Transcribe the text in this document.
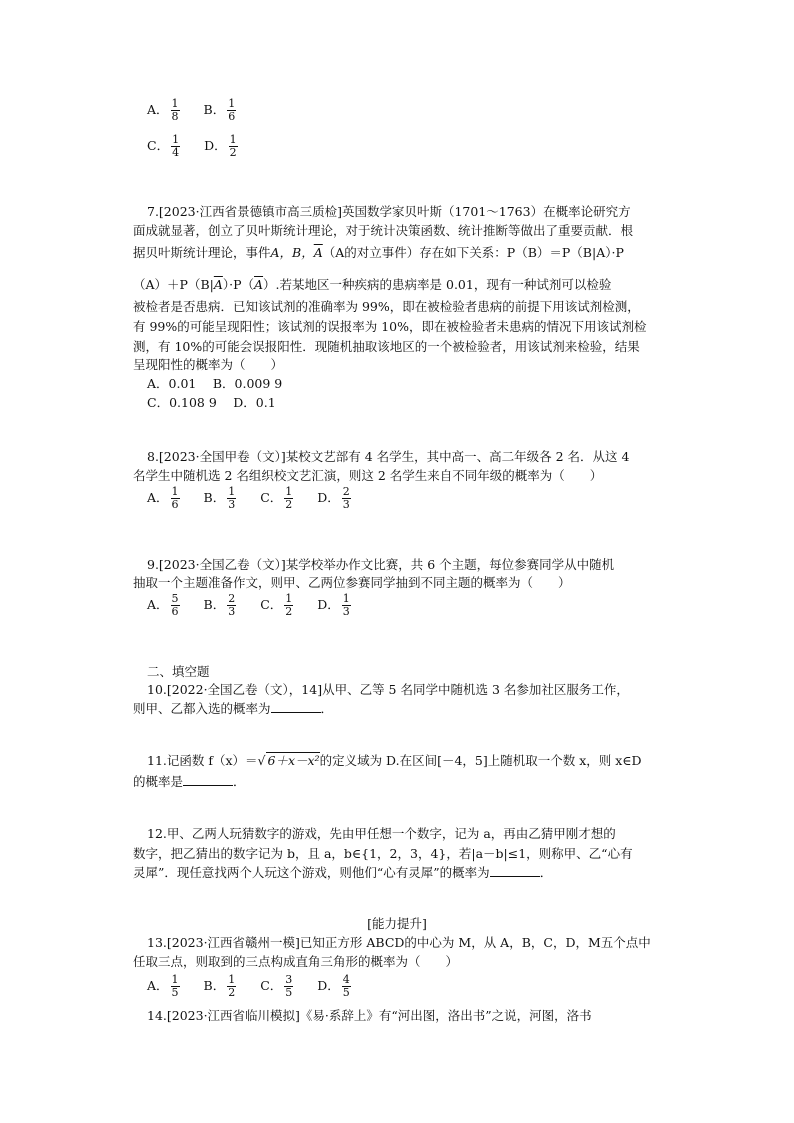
A． $\frac{1}{8}$ B． $\frac{1}{6}$
C． $\frac{1}{4}$ D． $\frac{1}{2}$
7.[2023·江西省景德镇市高三质检]英国数学家贝叶斯（1701～1763）在概率论研究方
面成就显著，创立了贝叶斯统计理论，对于统计决策函数、统计推断等做出了重要贡献．根
据贝叶斯统计理论，事件A，B，$\overline{A}(A$的对立事件）存在如下关系：P（B）＝P（B|A）·P
$(A)+P(B|\overline{A})\cdot P(\overline{A})$.若某地区一种疾病的患病率是 0.01，现有一种试剂可以检验
被检者是否患病．已知该试剂的准确率为 99%，即在被检验者患病的前提下用该试剂检测，
有 99%的可能呈现阳性；该试剂的误报率为 10%，即在被检验者未患病的情况下用该试剂检
测，有 10%的可能会误报阳性．现随机抽取该地区的一个被检验者，用该试剂来检验，结果
呈现阳性的概率为（　　）
A．0.01　 B．0.009 9
C．0.108 9　 D．0.1
8.[2023·全国甲卷（文）]某校文艺部有 4 名学生，其中高一、高二年级各 2 名．从这 4
名学生中随机选 2 名组织校文艺汇演，则这 2 名学生来自不同年级的概率为（　　）
A． $\frac{1}{6}$ B． $\frac{1}{3}$ C． $\frac{1}{2}$ D． $\frac{2}{3}$
9.[2023·全国乙卷（文）]某学校举办作文比赛，共 6 个主题，每位参赛同学从中随机
抽取一个主题准备作文，则甲、乙两位参赛同学抽到不同主题的概率为（　　）
A． $\frac{5}{6}$ B． $\frac{2}{3}$ C． $\frac{1}{2}$ D． $\frac{1}{3}$
二、填空题
10.[2022·全国乙卷（文），14]从甲、乙等 5 名同学中随机选 3 名参加社区服务工作，
则甲、乙都入选的概率为	．
11.记函数 f（x）＝√ 6＋x－x²的定义域为 D.在区间[－4，5]上随机取一个数 x，则 x∈D
的概率是	．
12.甲、乙两人玩猜数字的游戏，先由甲任想一个数字，记为 a，再由乙猜甲刚才想的
数字，把乙猜出的数字记为 b，且 a，b∈{1，2，3，4}，若|a－b|≤1，则称甲、乙“心有
灵犀”．现任意找两个人玩这个游戏，则他们“心有灵犀”的概率为	．
[能力提升]
13.[2023·江西省赣州一模]已知正方形 ABCD的中心为 M，从 A，B，C，D，M五个点中
任取三点，则取到的三点构成直角三角形的概率为（　　）
A． $\frac{1}{5}$ B． $\frac{1}{2}$ C． $\frac{3}{5}$ D． $\frac{4}{5}$
14.[2023·江西省临川模拟]《易·系辞上》有“河出图，洛出书”之说，河图，洛书
